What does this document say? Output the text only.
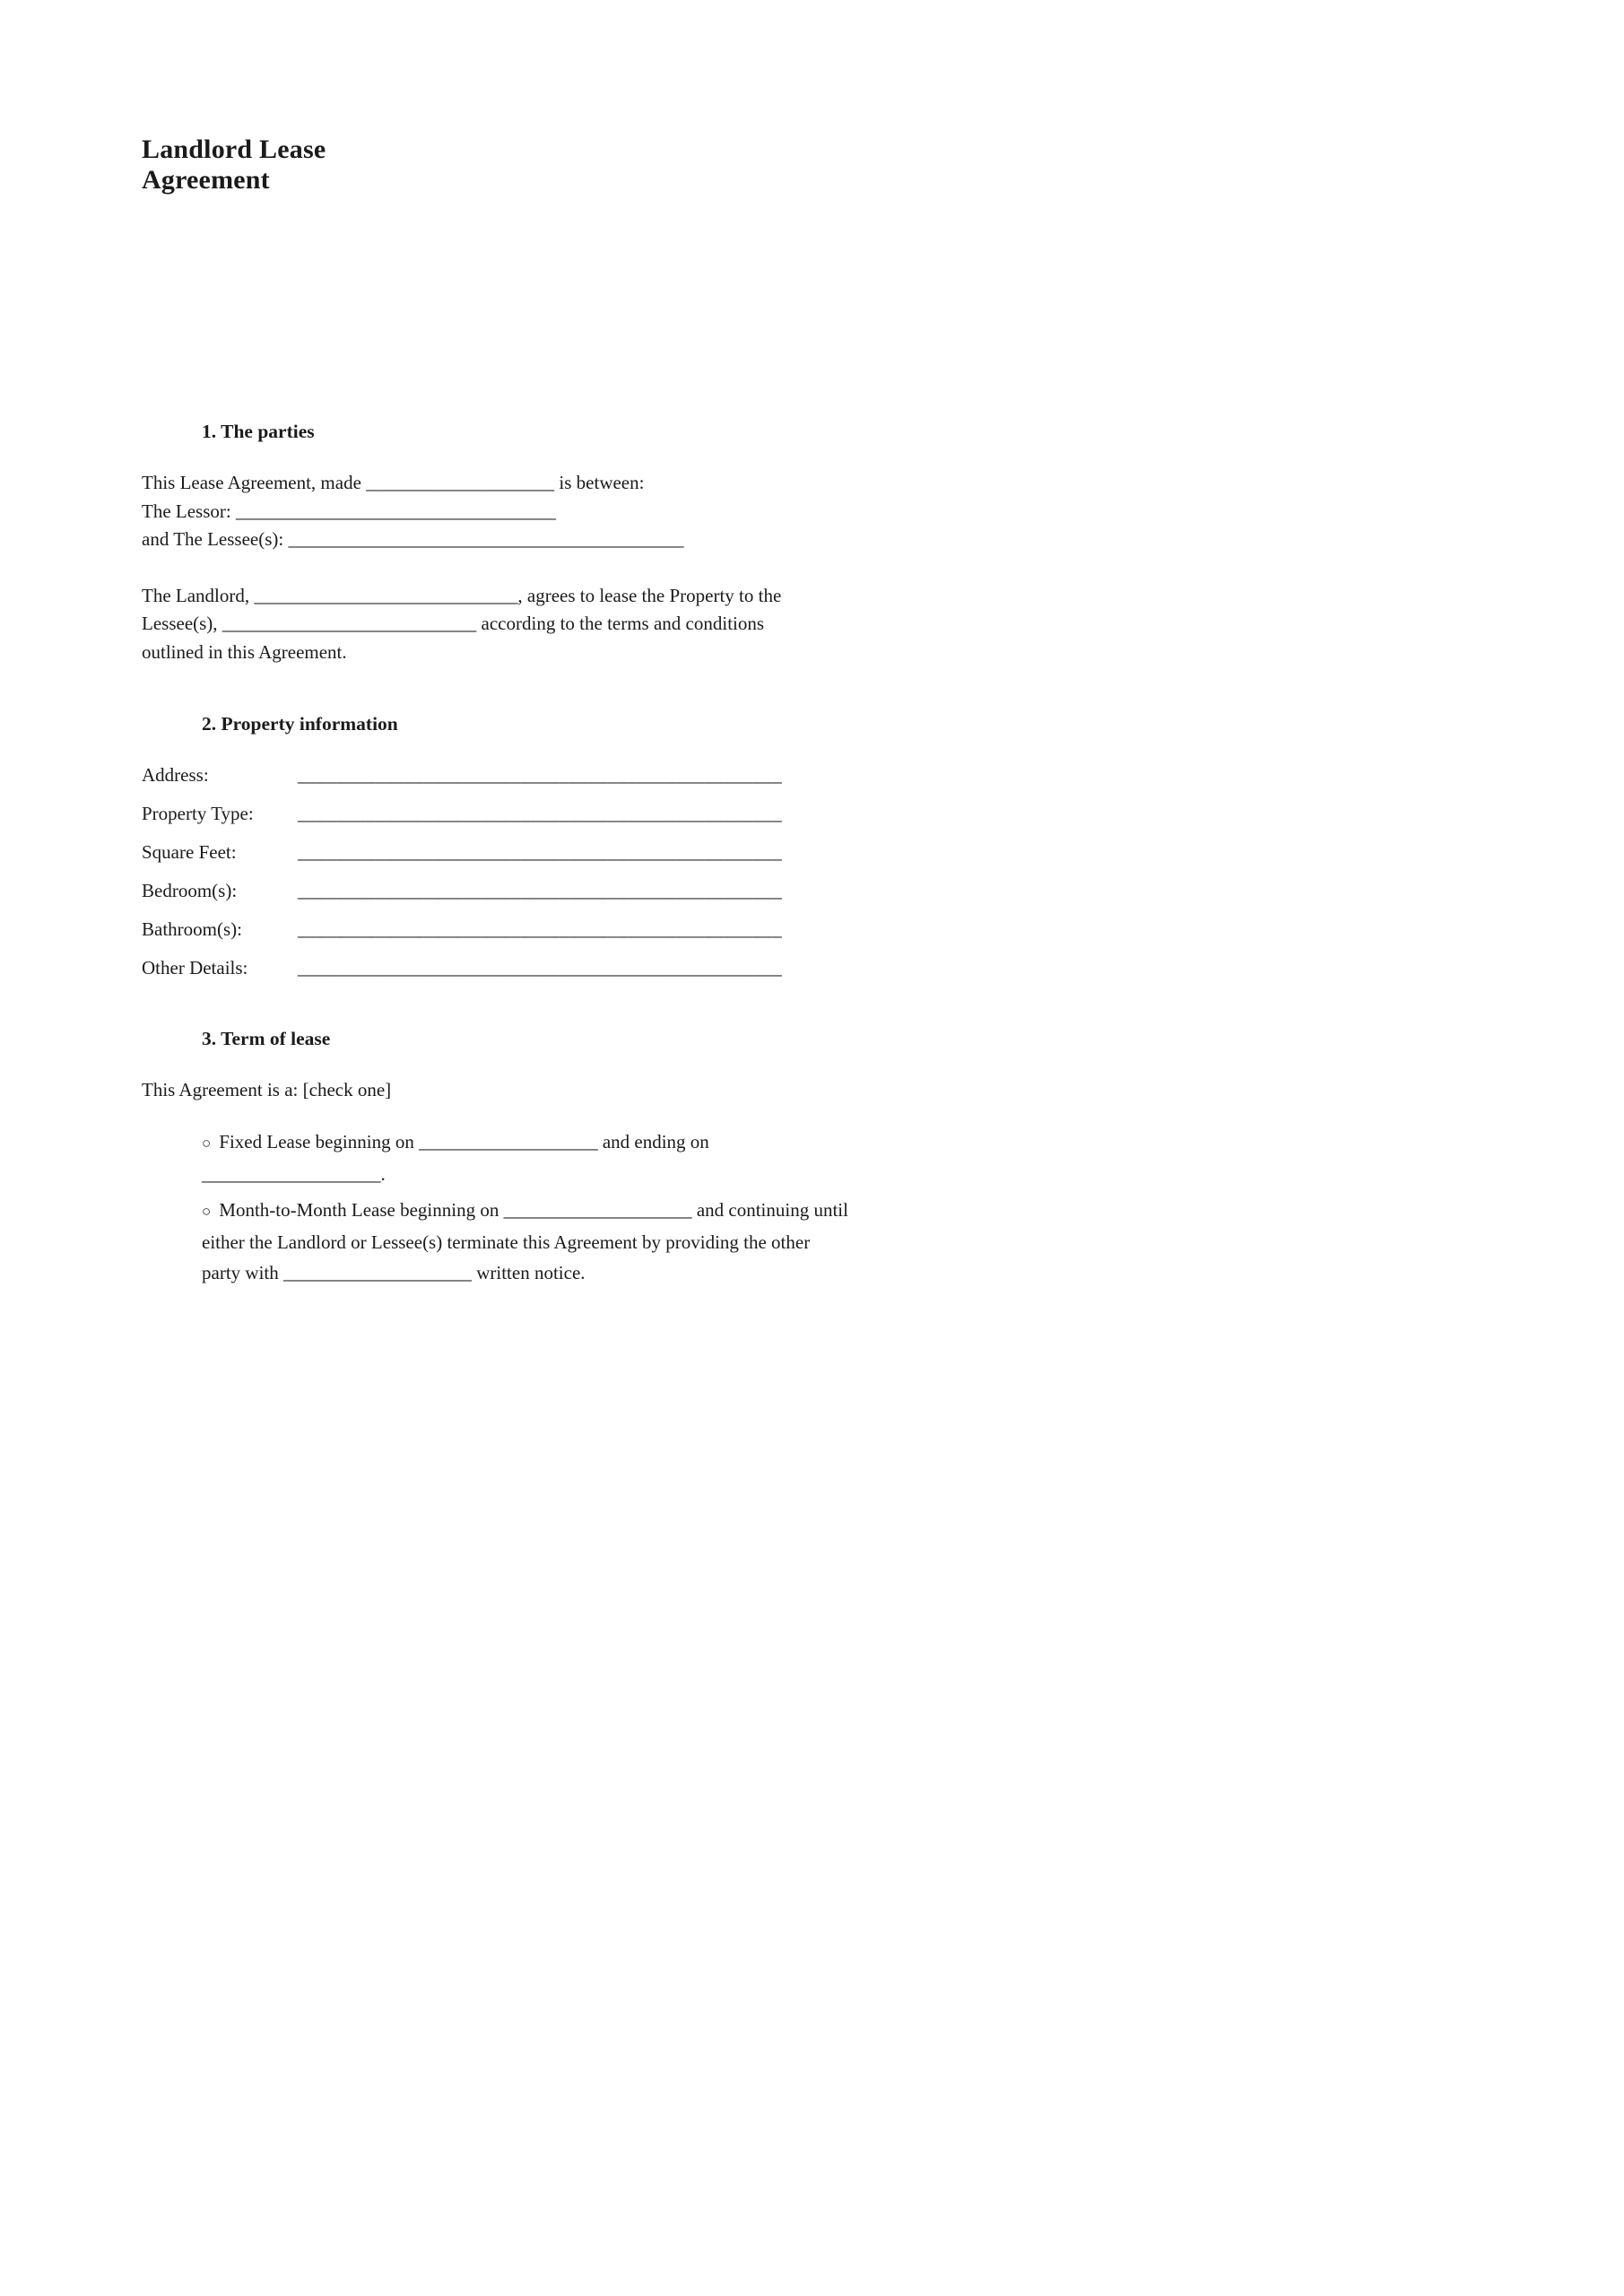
Landlord Lease
Agreement
1. The parties
This Lease Agreement, made ____________________ is between:
The Lessor: __________________________________
and The Lessee(s): __________________________________________
The Landlord, ____________________________, agrees to lease the Property to the
Lessee(s), ___________________________ according to the terms and conditions
outlined in this Agreement.
2. Property information
Address:	__________________________________________________
Property Type:	__________________________________________________
Square Feet:	__________________________________________________
Bedroom(s):	__________________________________________________
Bathroom(s):	__________________________________________________
Other Details:	__________________________________________________
3. Term of lease
This Agreement is a: [check one]
○ Fixed Lease beginning on ___________________ and ending on
___________________.
○ Month-to-Month Lease beginning on ____________________ and continuing until
either the Landlord or Lessee(s) terminate this Agreement by providing the other
party with ____________________ written notice.
